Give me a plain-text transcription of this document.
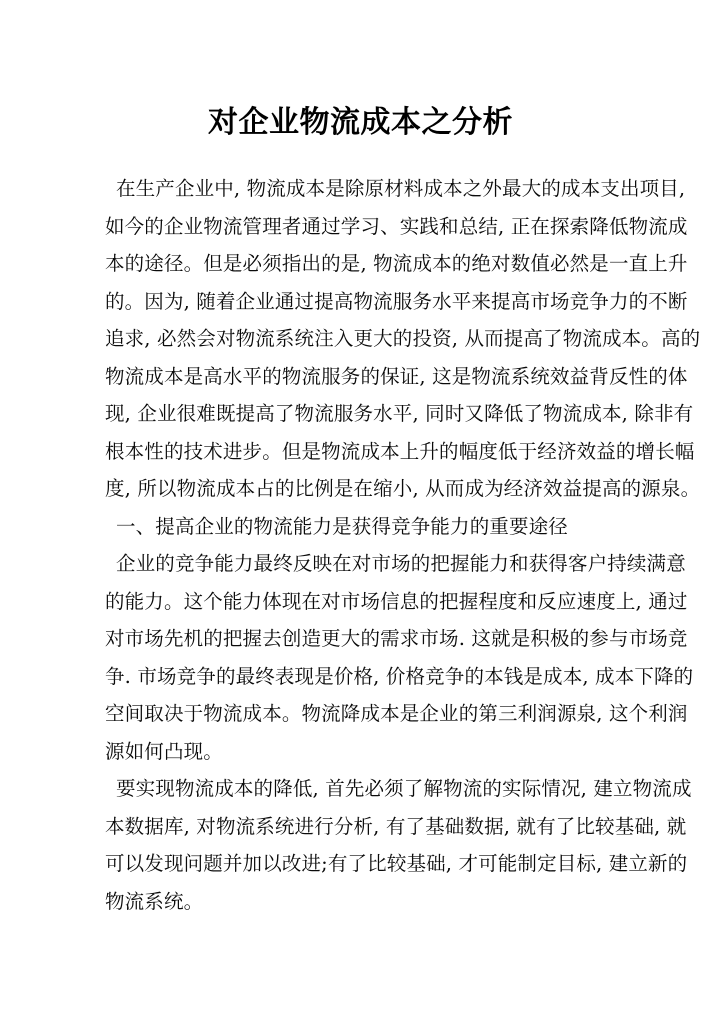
对企业物流成本之分析
在生产企业中, 物流成本是除原材料成本之外最大的成本支出项目,
如今的企业物流管理者通过学习、实践和总结, 正在探索降低物流成
本的途径。但是必须指出的是, 物流成本的绝对数值必然是一直上升
的。因为, 随着企业通过提高物流服务水平来提高市场竞争力的不断
追求, 必然会对物流系统注入更大的投资, 从而提高了物流成本。高的
物流成本是高水平的物流服务的保证, 这是物流系统效益背反性的体
现, 企业很难既提高了物流服务水平, 同时又降低了物流成本, 除非有
根本性的技术进步。但是物流成本上升的幅度低于经济效益的增长幅
度, 所以物流成本占的比例是在缩小, 从而成为经济效益提高的源泉。
一、提高企业的物流能力是获得竞争能力的重要途径
企业的竞争能力最终反映在对市场的把握能力和获得客户持续满意
的能力。这个能力体现在对市场信息的把握程度和反应速度上, 通过
对市场先机的把握去创造更大的需求市场. 这就是积极的参与市场竞
争. 市场竞争的最终表现是价格, 价格竞争的本钱是成本, 成本下降的
空间取决于物流成本。物流降成本是企业的第三利润源泉, 这个利润
源如何凸现。
要实现物流成本的降低, 首先必须了解物流的实际情况, 建立物流成
本数据库, 对物流系统进行分析, 有了基础数据, 就有了比较基础, 就
可以发现问题并加以改进;有了比较基础, 才可能制定目标, 建立新的
物流系统。
